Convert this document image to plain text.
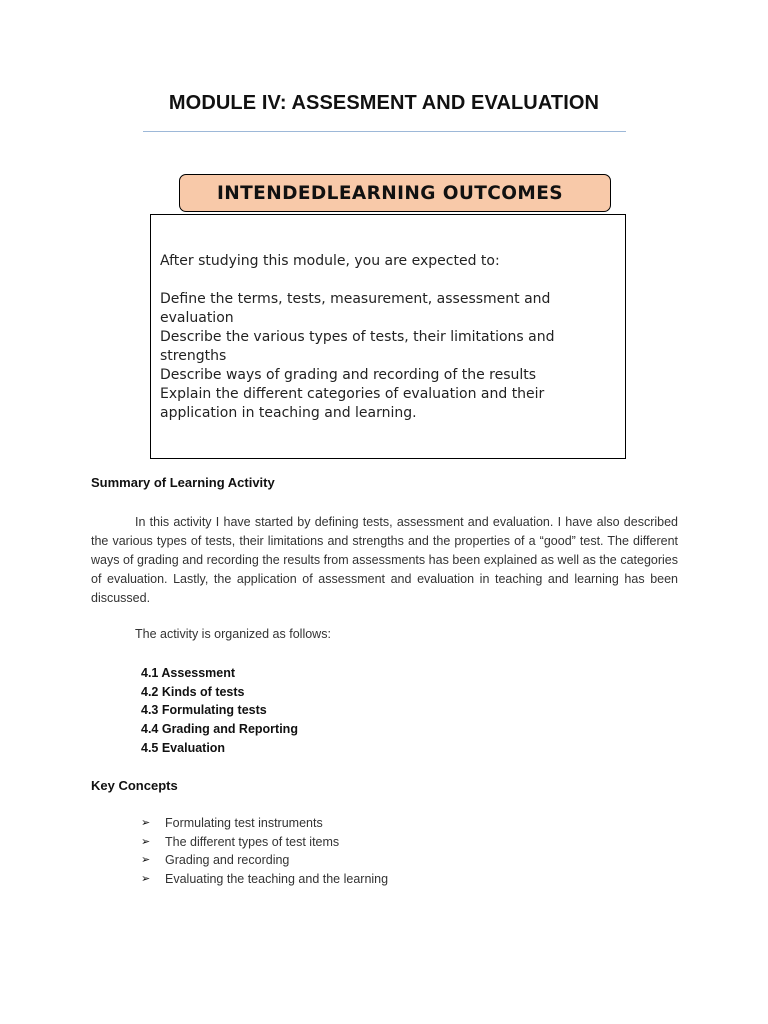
MODULE IV: ASSESMENT AND EVALUATION
INTENDEDLEARNING OUTCOMES
After studying this module, you are expected to:
Define the terms, tests, measurement, assessment and evaluation
Describe the various types of tests, their limitations and strengths
Describe ways of grading and recording of the results
Explain the different categories of evaluation and their application in teaching and learning.
Summary of Learning Activity

In this activity I have started by defining tests, assessment and evaluation. I have also described the various types of tests, their limitations and strengths and the properties of a “good” test. The different ways of grading and recording the results from assessments has been explained as well as the categories of evaluation. Lastly, the application of assessment and evaluation in teaching and learning has been discussed.

The activity is organized as follows:
4.1 Assessment
4.2 Kinds of tests
4.3 Formulating tests
4.4 Grading and Reporting
4.5 Evaluation
Key Concepts
➢	Formulating test instruments
➢	The different types of test items
➢	Grading and recording
➢	Evaluating the teaching and the learning
